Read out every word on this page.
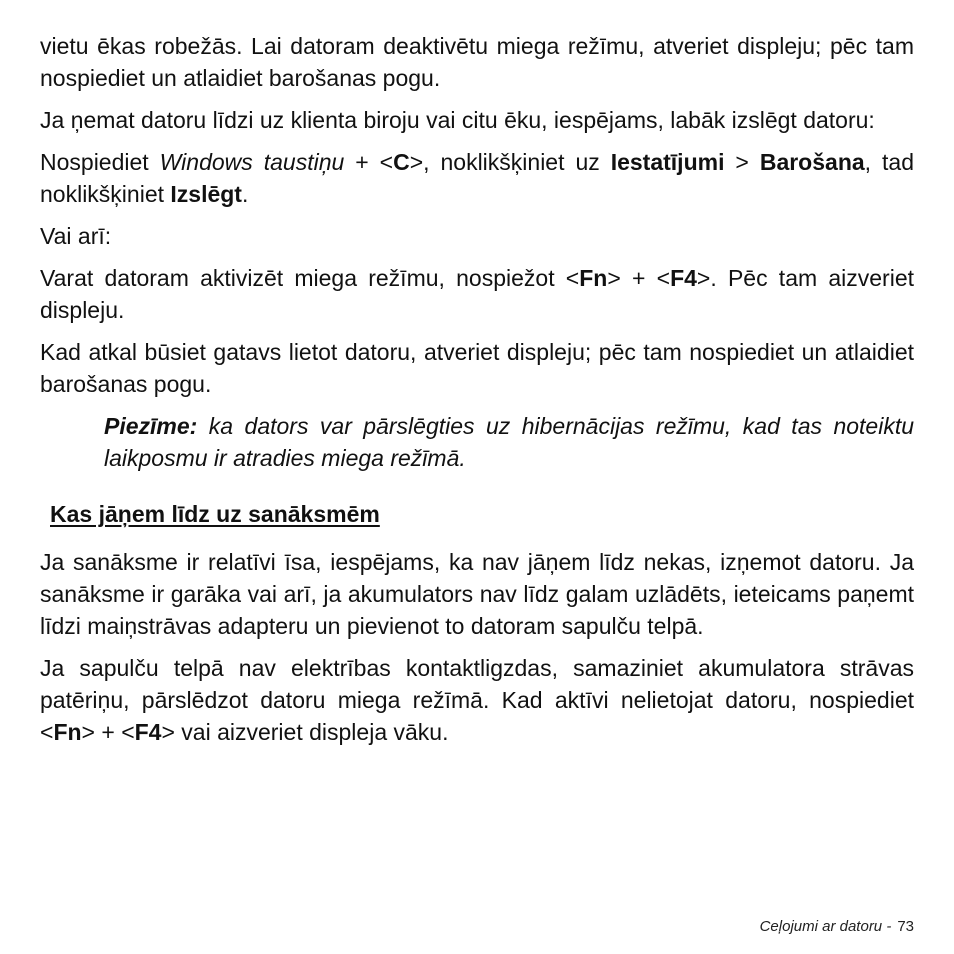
vietu ēkas robežās. Lai datoram deaktivētu miega režīmu, atveriet displeju; pēc tam nospiediet un atlaidiet barošanas pogu.

Ja ņemat datoru līdzi uz klienta biroju vai citu ēku, iespējams, labāk izslēgt datoru:

Nospiediet Windows taustiņu + <C>, noklikšķiniet uz Iestatījumi > Barošana, tad noklikšķiniet Izslēgt.

Vai arī:

Varat datoram aktivizēt miega režīmu, nospiežot <Fn> + <F4>. Pēc tam aizveriet displeju.

Kad atkal būsiet gatavs lietot datoru, atveriet displeju; pēc tam nospiediet un atlaidiet barošanas pogu.

Piezīme: ka dators var pārslēgties uz hibernācijas režīmu, kad tas noteiktu laikposmu ir atradies miega režīmā.

Kas jāņem līdz uz sanāksmēm

Ja sanāksme ir relatīvi īsa, iespējams, ka nav jāņem līdz nekas, izņemot datoru. Ja sanāksme ir garāka vai arī, ja akumulators nav līdz galam uzlādēts, ieteicams paņemt līdzi maiņstrāvas adapteru un pievienot to datoram sapulču telpā.

Ja sapulču telpā nav elektrības kontaktligzdas, samaziniet akumulatora strāvas patēriņu, pārslēdzot datoru miega režīmā. Kad aktīvi nelietojat datoru, nospiediet <Fn> + <F4> vai aizveriet displeja vāku.

Ceļojumi ar datoru - 73
